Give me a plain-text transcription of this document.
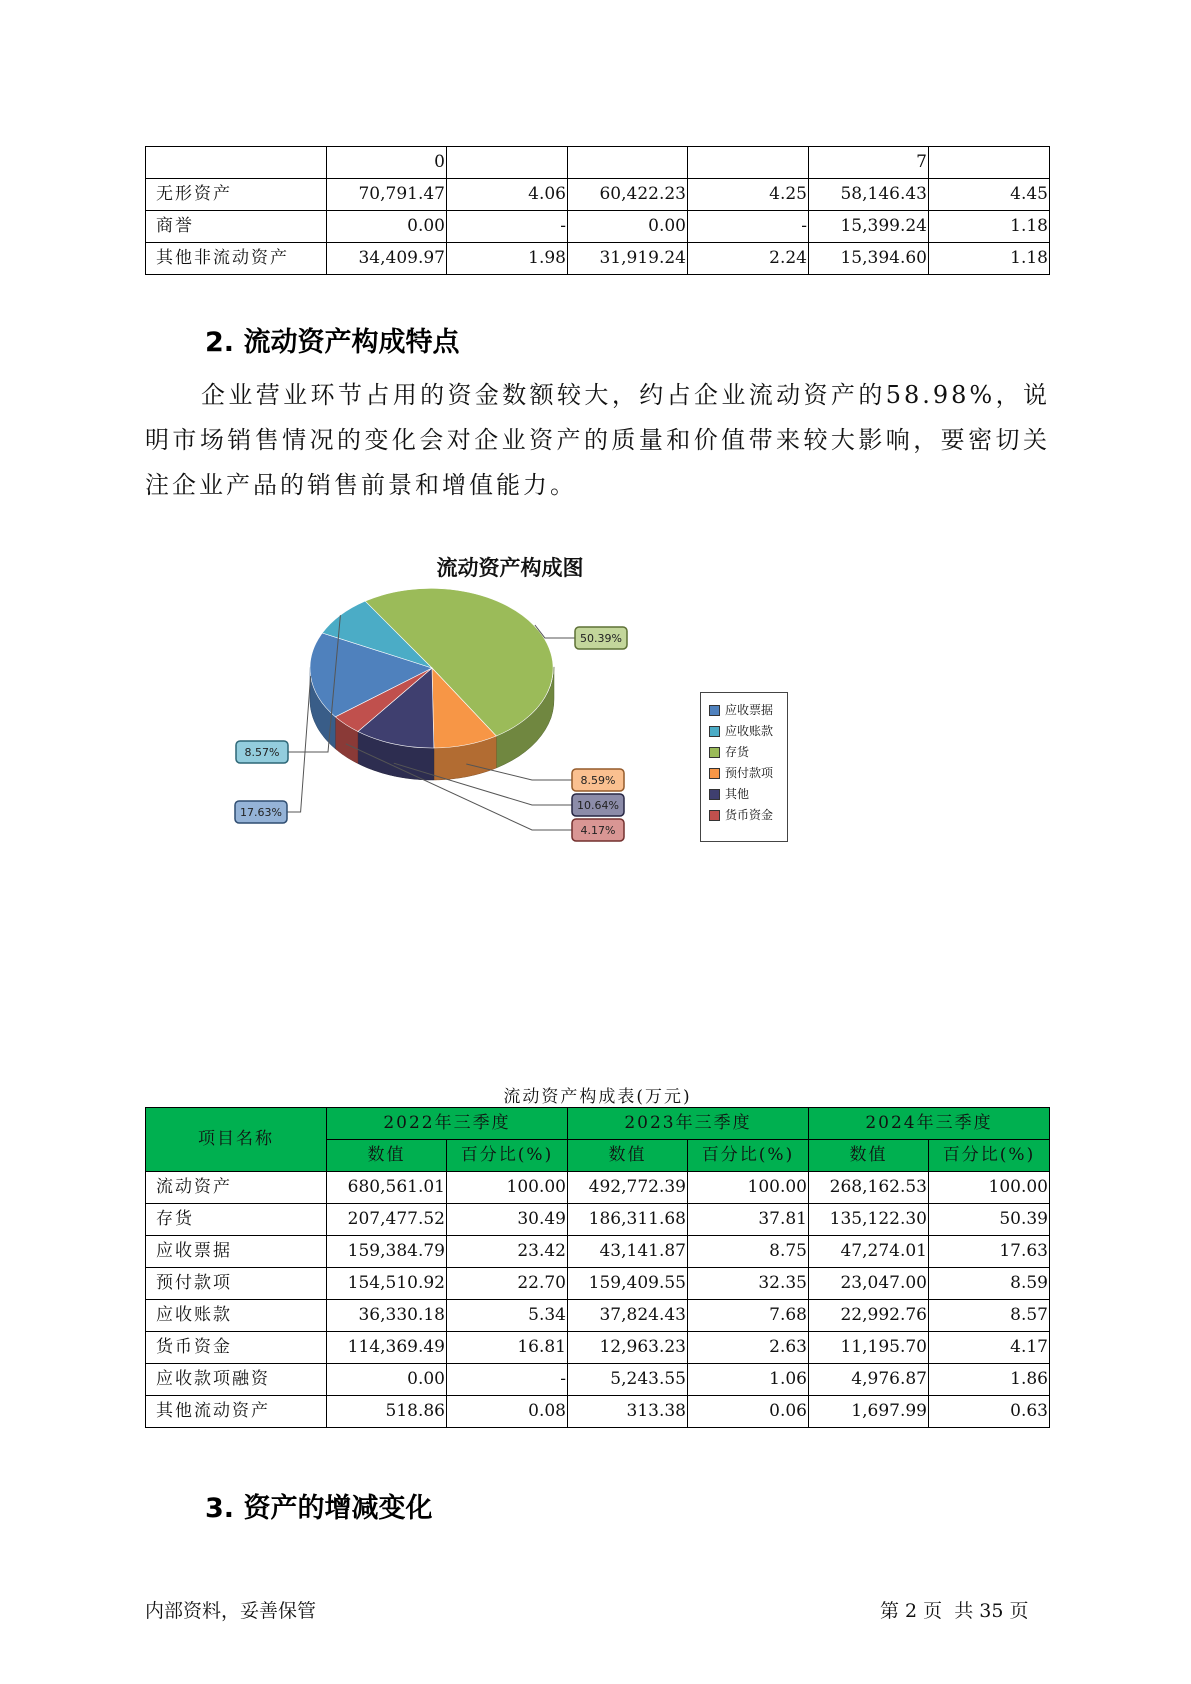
	0				7	
无形资产	70,791.47	4.06	60,422.23	4.25	58,146.43	4.45
商誉	0.00	-	0.00	-	15,399.24	1.18
其他非流动资产	34,409.97	1.98	31,919.24	2.24	15,394.60	1.18
2. 流动资产构成特点

企业营业环节占用的资金数额较大，约占企业流动资产的58.98%，说明市场销售情况的变化会对企业资产的质量和价值带来较大影响，要密切关注企业产品的销售前景和增值能力。

流动资产构成图
50.39%
8.59%
10.64%
4.17%
17.63%
8.57%
应收票据
应收账款
存货
预付款项
其他
货币资金
流动资产构成表(万元)
项目名称	2022年三季度		2023年三季度		2024年三季度	
	数值	百分比(%)	数值	百分比(%)	数值	百分比(%)
流动资产	680,561.01	100.00	492,772.39	100.00	268,162.53	100.00
存货	207,477.52	30.49	186,311.68	37.81	135,122.30	50.39
应收票据	159,384.79	23.42	43,141.87	8.75	47,274.01	17.63
预付款项	154,510.92	22.70	159,409.55	32.35	23,047.00	8.59
应收账款	36,330.18	5.34	37,824.43	7.68	22,992.76	8.57
货币资金	114,369.49	16.81	12,963.23	2.63	11,195.70	4.17
应收款项融资	0.00	-	5,243.55	1.06	4,976.87	1.86
其他流动资产	518.86	0.08	313.38	0.06	1,697.99	0.63
3. 资产的增减变化
内部资料，妥善保管	第 2 页  共 35 页
